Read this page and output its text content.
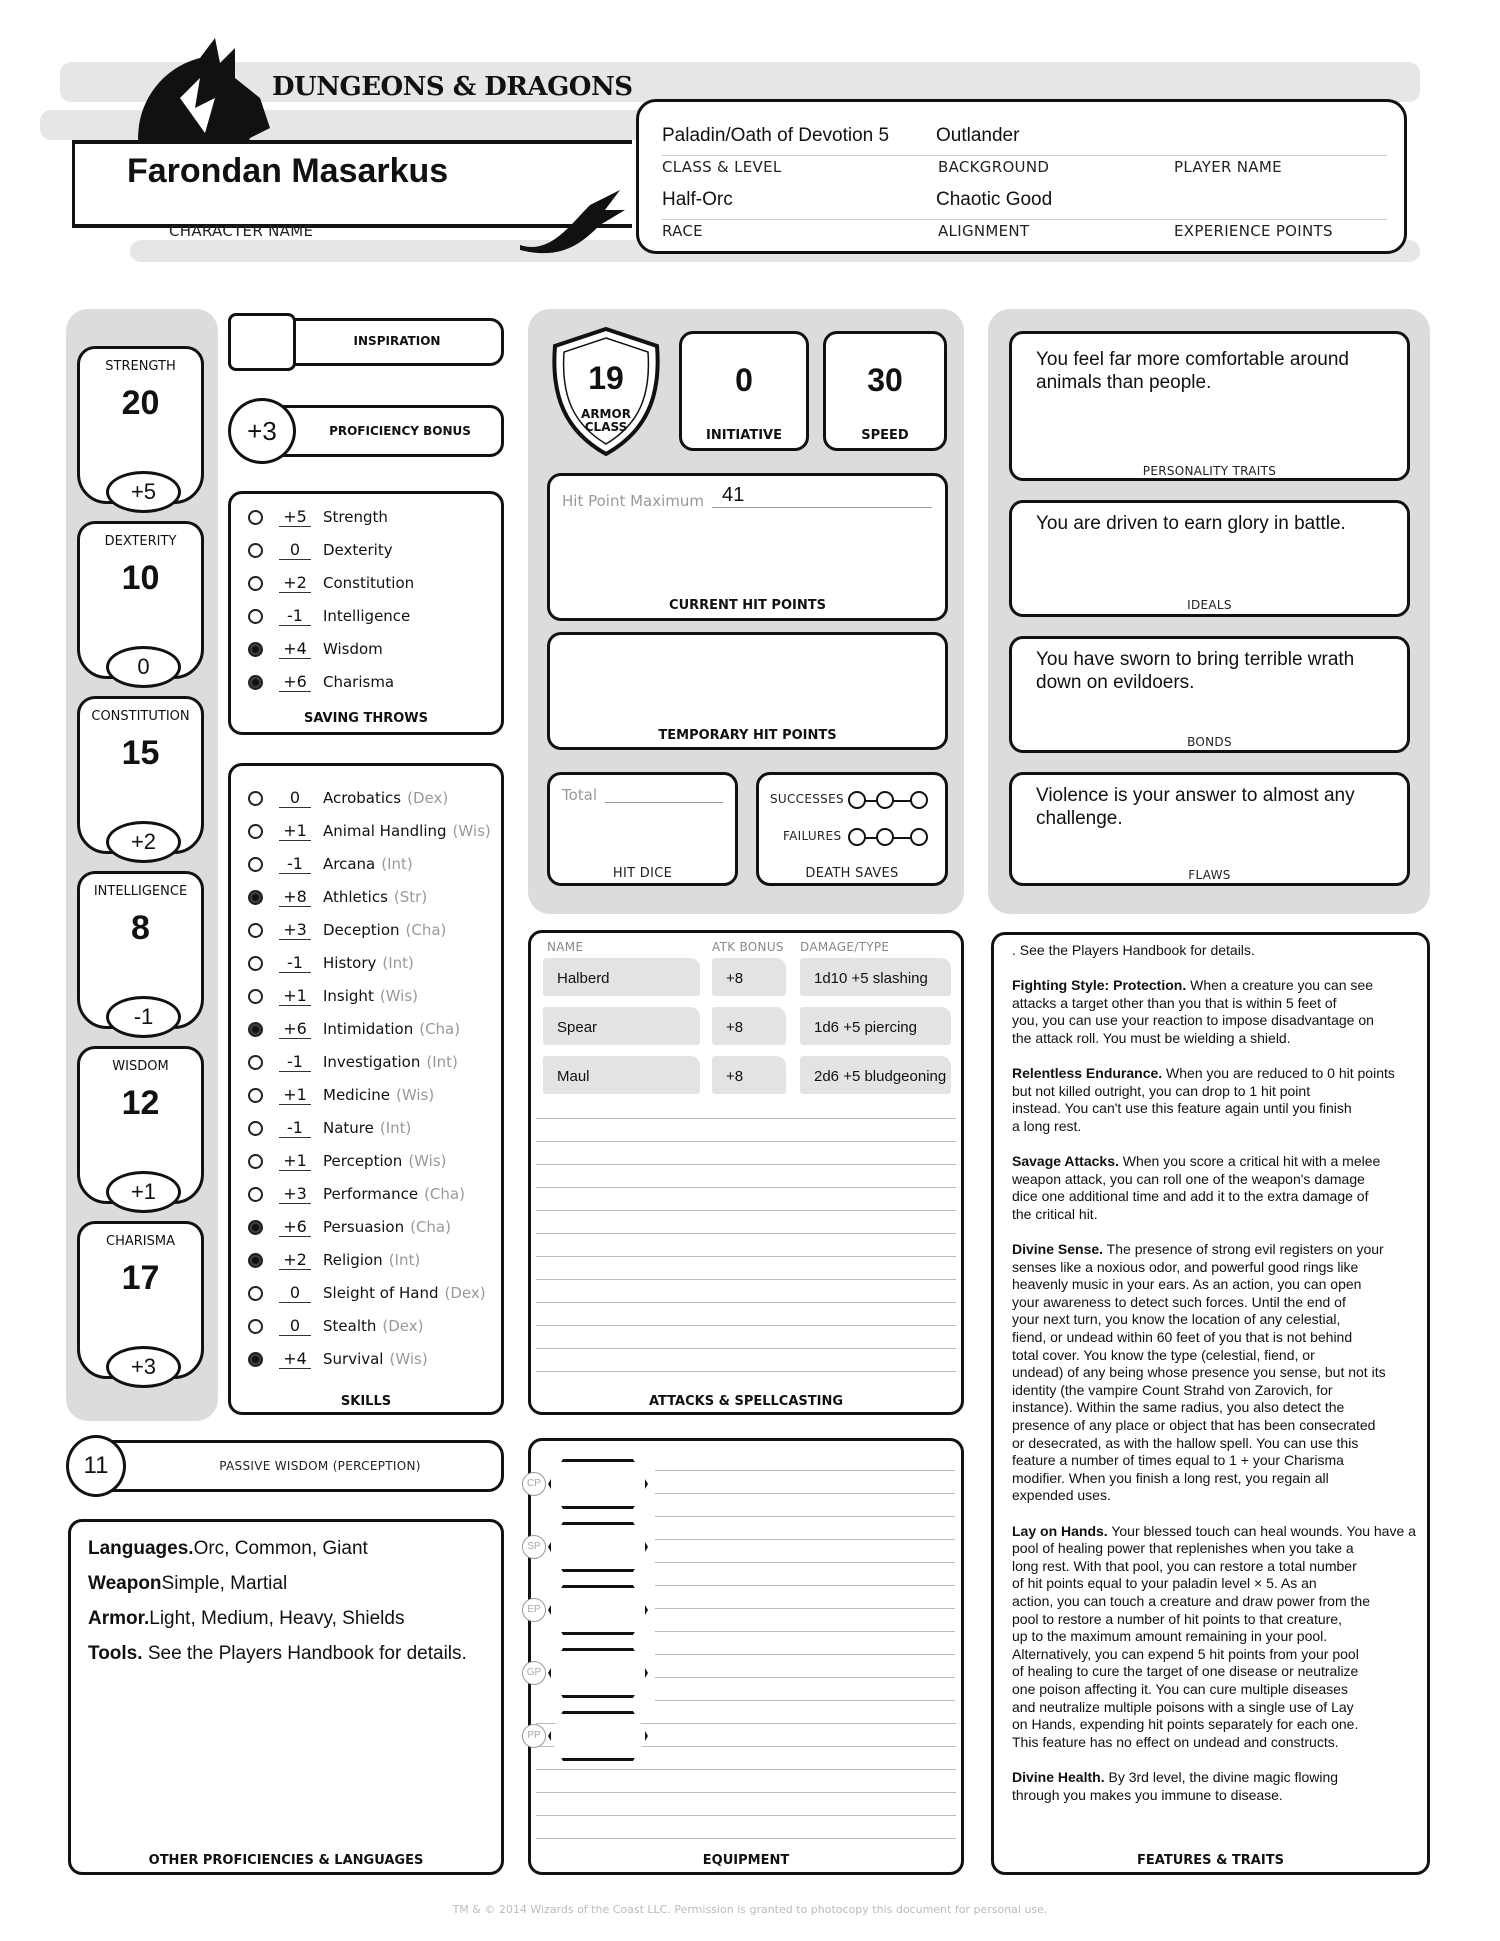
DUNGEONS & DRAGONS
Farondan Masarkus
CHARACTER NAME
Paladin/Oath of Devotion 5 Outlander
CLASS & LEVEL	BACKGROUND	PLAYER NAME
Half-Orc	Chaotic Good
RACE	ALIGNMENT	EXPERIENCE POINTS
STRENGTH
20
+5
DEXTERITY
10
0
CONSTITUTION
15
+2
INTELLIGENCE
8
-1
WISDOM
12
+1
CHARISMA
17
+3
INSPIRATION
+3	PROFICIENCY BONUS
+5 Strength
0	Dexterity
+2 Constitution
-1	Intelligence
+4 Wisdom
+6 Charisma
SAVING THROWS
0	Acrobatics (Dex)
+1 Animal Handling (Wis)
-1	Arcana (Int)
+8 Athletics (Str)
+3 Deception (Cha)
-1	History (Int)
+1 Insight (Wis)
+6 Intimidation (Cha)
-1	Investigation (Int)
+1 Medicine (Wis)
-1	Nature (Int)
+1 Perception (Wis)
+3 Performance (Cha)
+6 Persuasion (Cha)
+2 Religion (Int)
0	Sleight of Hand (Dex)
0	Stealth (Dex)
+4 Survival (Wis)
SKILLS
11	PASSIVE WISDOM (PERCEPTION)
Languages.Orc, Common, Giant
WeaponSimple, Martial
Armor.Light, Medium, Heavy, Shields
Tools. See the Players Handbook for details.
OTHER PROFICIENCIES & LANGUAGES
19
ARMOR CLASS
0
INITIATIVE
30
SPEED
Hit Point Maximum 41
CURRENT HIT POINTS
TEMPORARY HIT POINTS
Total
HIT DICE
SUCCESSES
FAILURES
DEATH SAVES
NAME	ATK BONUS DAMAGE/TYPE
Halberd	+8	1d10 +5 slashing
Spear	+8	1d6 +5 piercing
Maul	+8	2d6 +5 bludgeoning
ATTACKS & SPELLCASTING
CP
SP
EP
GP
PP
EQUIPMENT
You feel far more comfortable around animals than people.
PERSONALITY TRAITS
You are driven to earn glory in battle.
IDEALS
You have sworn to bring terrible wrath down on evildoers.
BONDS
Violence is your answer to almost any challenge.
FLAWS

. See the Players Handbook for details.

Fighting Style: Protection. When a creature you can see
attacks a target other than you that is within 5 feet of
you, you can use your reaction to impose disadvantage on
the attack roll. You must be wielding a shield.

Relentless Endurance. When you are reduced to 0 hit points
but not killed outright, you can drop to 1 hit point
instead. You can't use this feature again until you finish
a long rest.

Savage Attacks. When you score a critical hit with a melee
weapon attack, you can roll one of the weapon's damage
dice one additional time and add it to the extra damage of
the critical hit.

Divine Sense. The presence of strong evil registers on your
senses like a noxious odor, and powerful good rings like
heavenly music in your ears. As an action, you can open
your awareness to detect such forces. Until the end of
your next turn, you know the location of any celestial,
fiend, or undead within 60 feet of you that is not behind
total cover. You know the type (celestial, fiend, or
undead) of any being whose presence you sense, but not its
identity (the vampire Count Strahd von Zarovich, for
instance). Within the same radius, you also detect the
presence of any place or object that has been consecrated
or desecrated, as with the hallow spell. You can use this
feature a number of times equal to 1 + your Charisma
modifier. When you finish a long rest, you regain all
expended uses.

Lay on Hands. Your blessed touch can heal wounds. You have a
pool of healing power that replenishes when you take a
long rest. With that pool, you can restore a total number
of hit points equal to your paladin level × 5. As an
action, you can touch a creature and draw power from the
pool to restore a number of hit points to that creature,
up to the maximum amount remaining in your pool.
Alternatively, you can expend 5 hit points from your pool
of healing to cure the target of one disease or neutralize
one poison affecting it. You can cure multiple diseases
and neutralize multiple poisons with a single use of Lay
on Hands, expending hit points separately for each one.
This feature has no effect on undead and constructs.

Divine Health. By 3rd level, the divine magic flowing
through you makes you immune to disease.

FEATURES & TRAITS
TM & © 2014 Wizards of the Coast LLC. Permission is granted to photocopy this document for personal use.
